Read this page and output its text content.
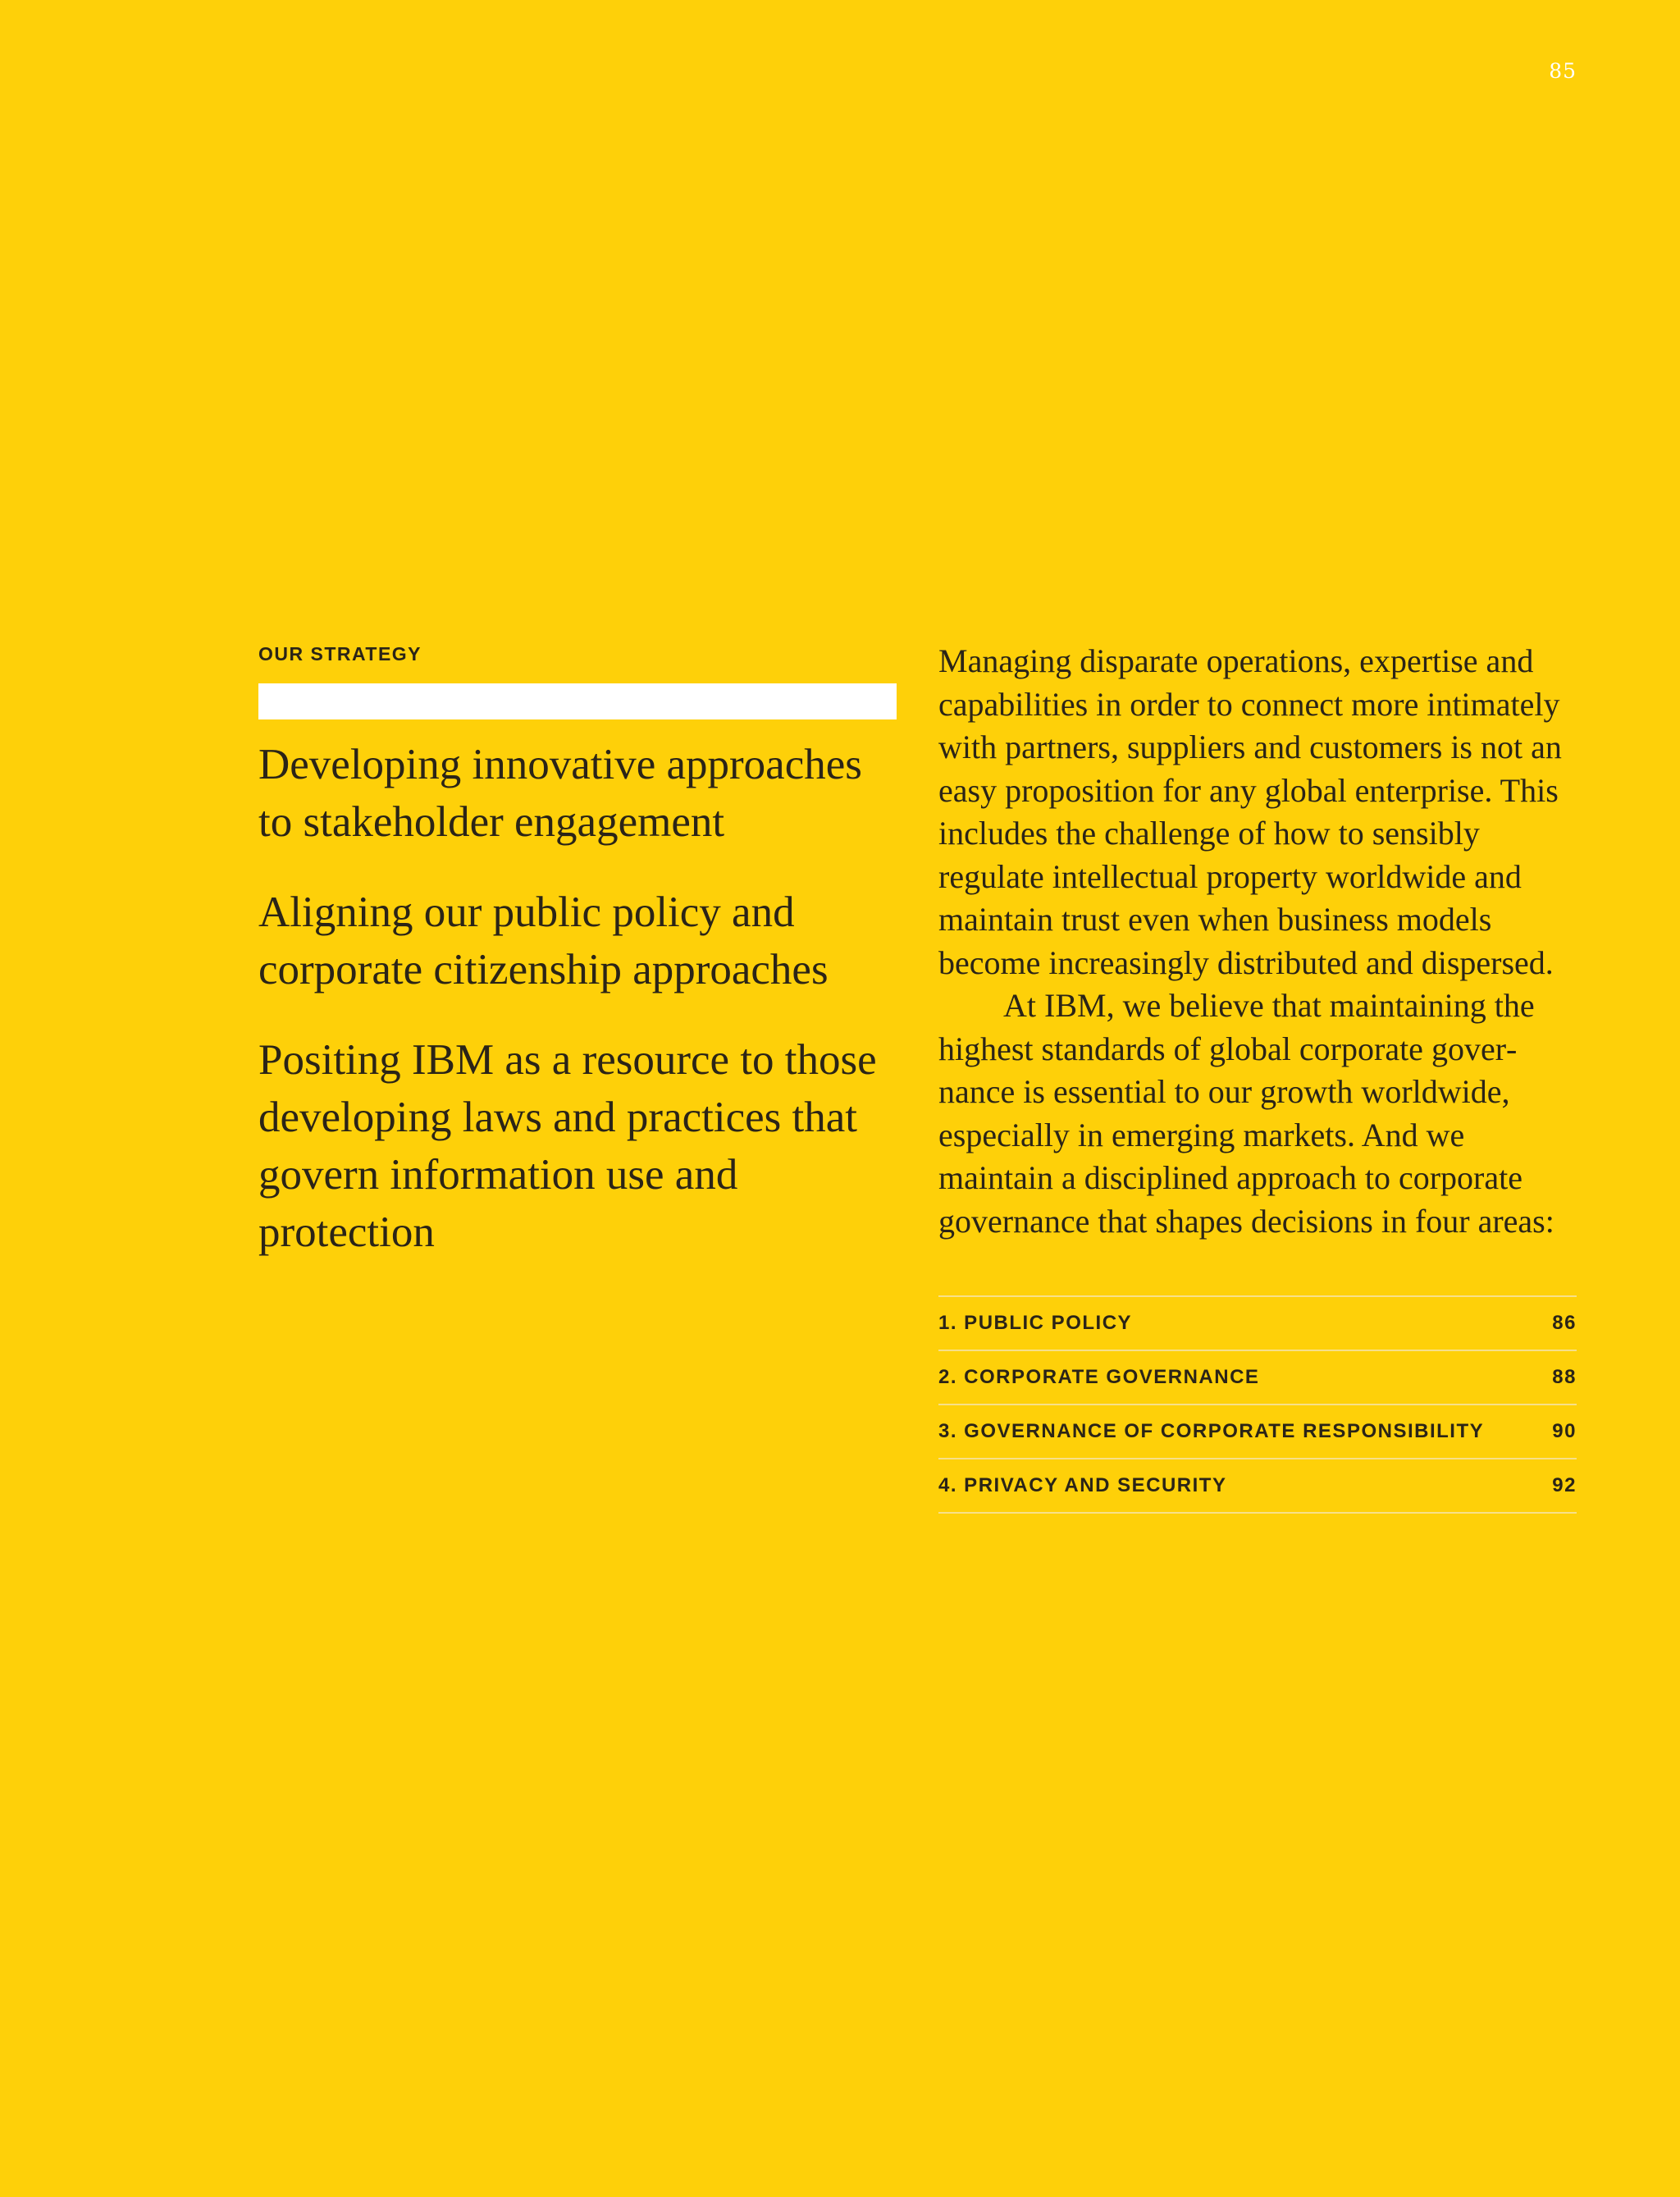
85

OUR STRATEGY

Developing innovative approaches to stakeholder engagement

Aligning our public policy and corporate citizenship approaches

Positing IBM as a resource to those developing laws and practices that govern information use and protection

Managing disparate operations, expertise and capabilities in order to connect more intimately with partners, suppliers and customers is not an easy proposition for any global enterprise. This includes the challenge of how to sensibly regulate intellectual property worldwide and maintain trust even when business models become increasingly distributed and dispersed.

At IBM, we believe that maintaining the highest standards of global corporate governance is essential to our growth worldwide, especially in emerging markets. And we maintain a disciplined approach to corporate governance that shapes decisions in four areas:

1. PUBLIC POLICY	86
2. CORPORATE GOVERNANCE	88
3. GOVERNANCE OF CORPORATE RESPONSIBILITY	90
4. PRIVACY AND SECURITY	92
